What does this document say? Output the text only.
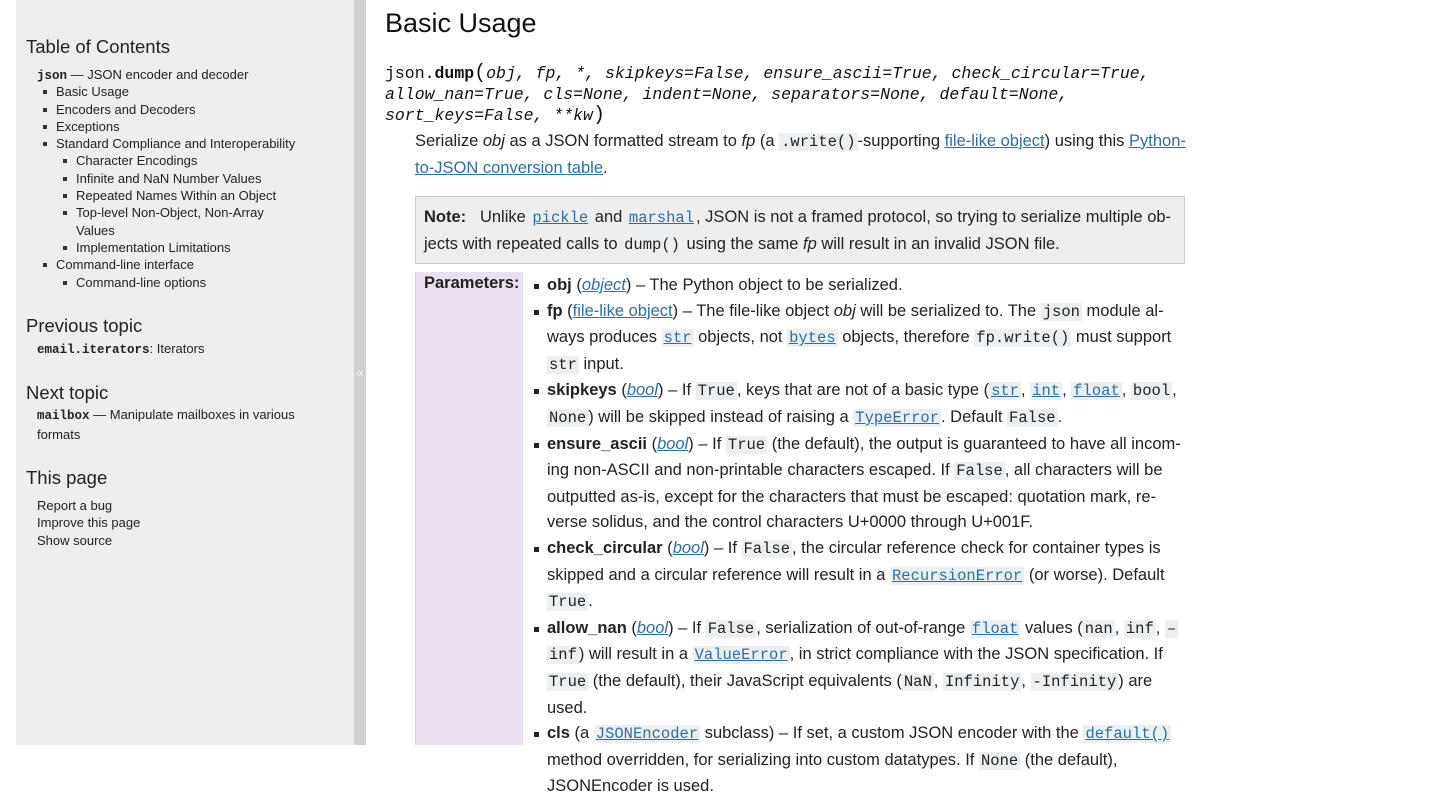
Table of Contents
json — JSON encoder and decoder
Basic Usage
Encoders and Decoders
Exceptions
Standard Compliance and Interoperability
Character Encodings
Infinite and NaN Number Values
Repeated Names Within an Object
Top-level Non-Object, Non-Array
Values
Implementation Limitations
Command-line interface
Command-line options
Previous topic
email.iterators: Iterators
Next topic
mailbox — Manipulate mailboxes in various
formats
This page
Report a bug
Improve this page
Show source
«
Basic Usage
json.dump(obj, fp, *, skipkeys=False, ensure_ascii=True, check_circular=True,
allow_nan=True, cls=None, indent=None, separators=None, default=None,
sort_keys=False, **kw)
Serialize obj as a JSON formatted stream to fp (a .write() -supporting file-like object) using this Python-
to-JSON conversion table.
Note: Unlike pickle and marshal , JSON is not a framed protocol, so trying to serialize multiple ob-
jects with repeated calls to dump() using the same fp will result in an invalid JSON file.
Parameters: obj (object) – The Python object to be serialized.
fp (file-like object) – The file-like object obj will be serialized to. The json module al-
ways produces str objects, not bytes objects, therefore fp.write() must support
str input.
skipkeys (bool) – If True , keys that are not of a basic type ( str , int , float , bool ,
None ) will be skipped instead of raising a TypeError . Default False .
ensure_ascii (bool) – If True (the default), the output is guaranteed to have all incom-
ing non-ASCII and non-printable characters escaped. If False , all characters will be
outputted as-is, except for the characters that must be escaped: quotation mark, re-
verse solidus, and the control characters U+0000 through U+001F.
check_circular (bool) – If False , the circular reference check for container types is
skipped and a circular reference will result in a RecursionError (or worse). Default
True .
allow_nan (bool) – If False , serialization of out-of-range float values ( nan , inf , –
inf ) will result in a ValueError , in strict compliance with the JSON specification. If
True (the default), their JavaScript equivalents ( NaN , Infinity , -Infinity ) are used.
cls (a JSONEncoder subclass) – If set, a custom JSON encoder with the default()
method overridden, for serializing into custom datatypes. If None (the default),
JSONEncoder is used.
